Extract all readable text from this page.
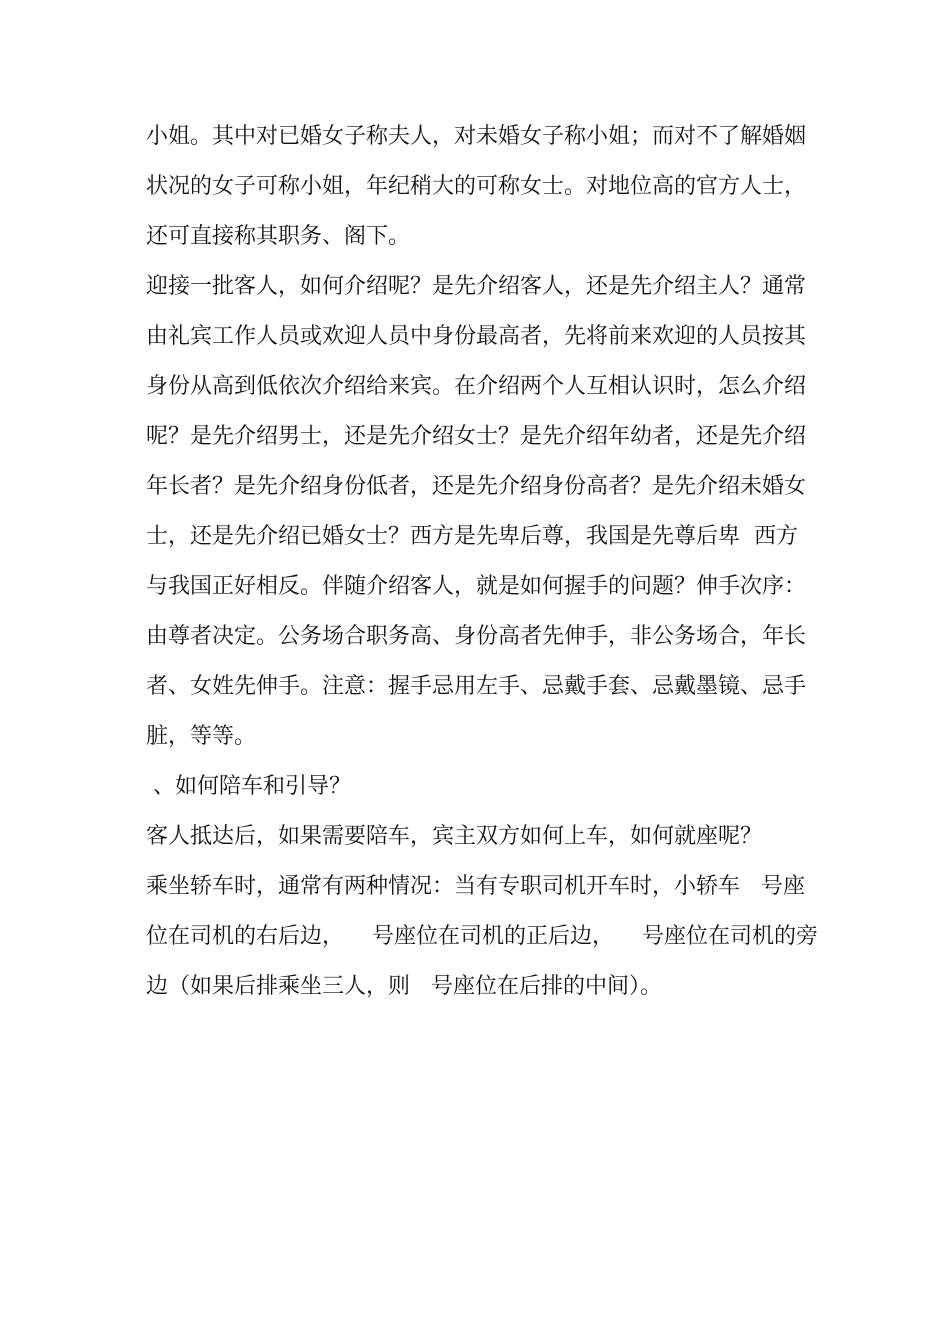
小姐。其中对已婚女子称夫人，对未婚女子称小姐；而对不了解婚姻
状况的女子可称小姐，年纪稍大的可称女士。对地位高的官方人士，
还可直接称其职务、阁下。
迎接一批客人，如何介绍呢？是先介绍客人，还是先介绍主人？通常
由礼宾工作人员或欢迎人员中身份最高者，先将前来欢迎的人员按其
身份从高到低依次介绍给来宾。在介绍两个人互相认识时，怎么介绍
呢？是先介绍男士，还是先介绍女士？是先介绍年幼者，还是先介绍
年长者？是先介绍身份低者，还是先介绍身份高者？是先介绍未婚女
士，还是先介绍已婚女士？西方是先卑后尊，我国是先尊后卑  西方
与我国正好相反。伴随介绍客人，就是如何握手的问题？伸手次序：
由尊者决定。公务场合职务高、身份高者先伸手，非公务场合，年长
者、女姓先伸手。注意：握手忌用左手、忌戴手套、忌戴墨镜、忌手
脏，等等。
、如何陪车和引导？
客人抵达后，如果需要陪车，宾主双方如何上车，如何就座呢？
乘坐轿车时，通常有两种情况：当有专职司机开车时，小轿车   号座
位在司机的右后边，    号座位在司机的正后边，    号座位在司机的旁
边（如果后排乘坐三人，则   号座位在后排的中间）。
